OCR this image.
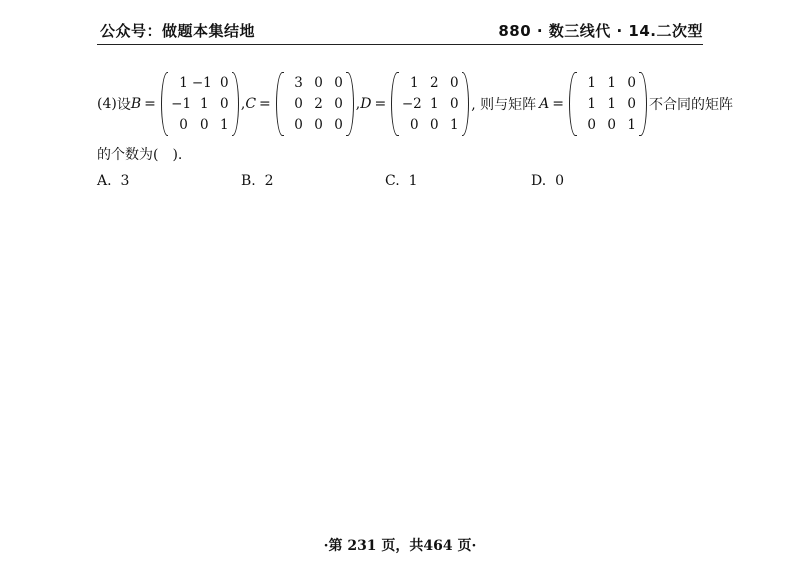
公众号：做题本集结地	880 · 数三线代 · 14.二次型
(4) 设 B =
1 −1 0
−1 1 0
0 0 1
, C =
3 0 0
0 2 0
0 0 0
, D =
1 2 0
−2 1 0
0 0 1
, 则与矩阵 A =
1 1 0
1 1 0
0 0 1
不合同的矩阵
的个数为(　).
A. 3	B. 2	C. 1	D. 0
·第 231 页，共464 页·
